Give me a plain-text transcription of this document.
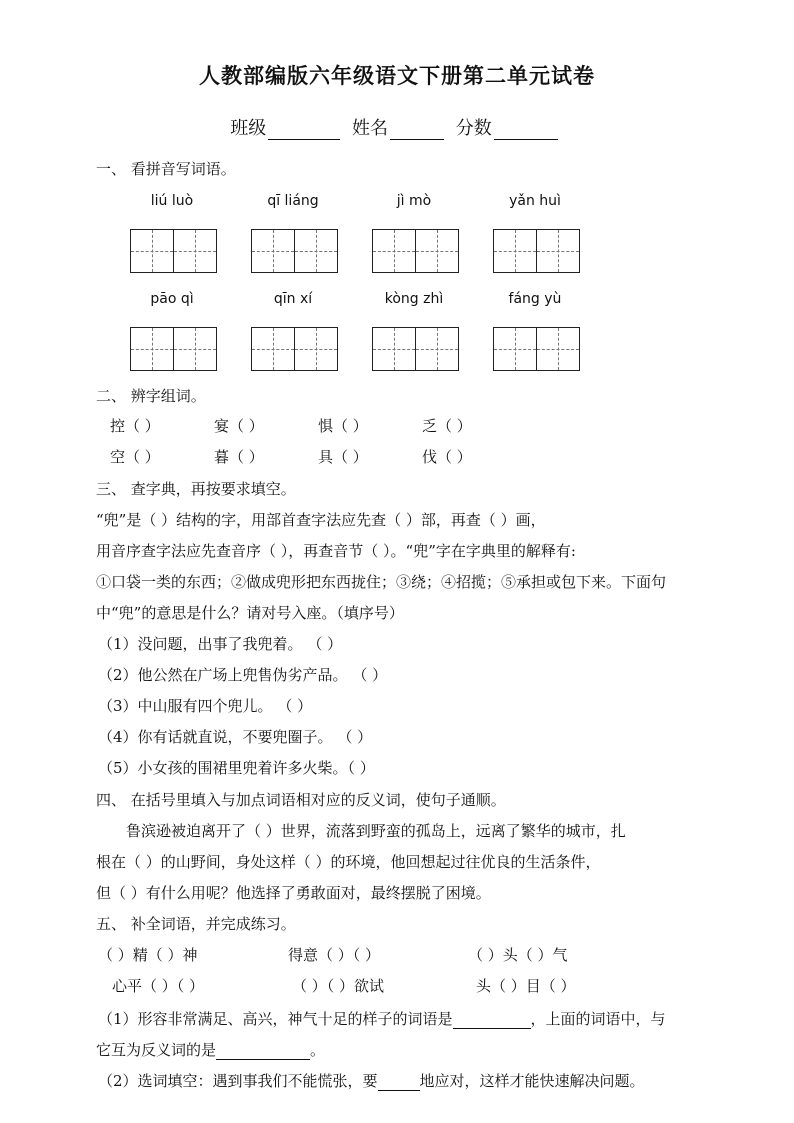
人教部编版六年级语文下册第二单元试卷
班级	姓名	分数
一、 看拼音写词语。
liú luò	qī liáng	jì mò	yǎn huì
pāo qì	qīn xí	kòng zhì	fáng yù
二、 辨字组词。
控（ ）	宴（ ）	惧（ ）	乏（ ）
空（ ）	暮（ ）	具（ ）	伐（ ）
三、 查字典，再按要求填空。
“兜”是（ ）结构的字，用部首查字法应先查（ ）部，再查（ ）画，
用音序查字法应先查音序（ ），再查音节（ ）。“兜”字在字典里的解释有:
①口袋一类的东西；②做成兜形把东西拢住；③绕；④招揽；⑤承担或包下来。下面句
中“兜”的意思是什么？请对号入座。（填序号）
（1）没问题，出事了我兜着。 （ ）
（2）他公然在广场上兜售伪劣产品。 （ ）
（3）中山服有四个兜儿。 （ ）
（4）你有话就直说，不要兜圈子。 （ ）
（5）小女孩的围裙里兜着许多火柴。（ ）
四、 在括号里填入与加点词语相对应的反义词，使句子通顺。
鲁滨逊被迫离开了（ ）世界，流落到野蛮的孤岛上，远离了繁华的城市，扎
根在（ ）的山野间，身处这样（ ）的环境，他回想起过往优良的生活条件，
但（ ）有什么用呢？他选择了勇敢面对，最终摆脱了困境。
五、 补全词语，并完成练习。
（ ）精（ ）神	得意（ ）（ ）	（ ）头（ ）气
心平（ ）（ ）	（ ）（ ）欲试	头（ ）目（ ）
（1）形容非常满足、高兴，神气十足的样子的词语是	，上面的词语中，与
它互为反义词的是	。
（2）选词填空：遇到事我们不能慌张，要	地应对，这样才能快速解决问题。
